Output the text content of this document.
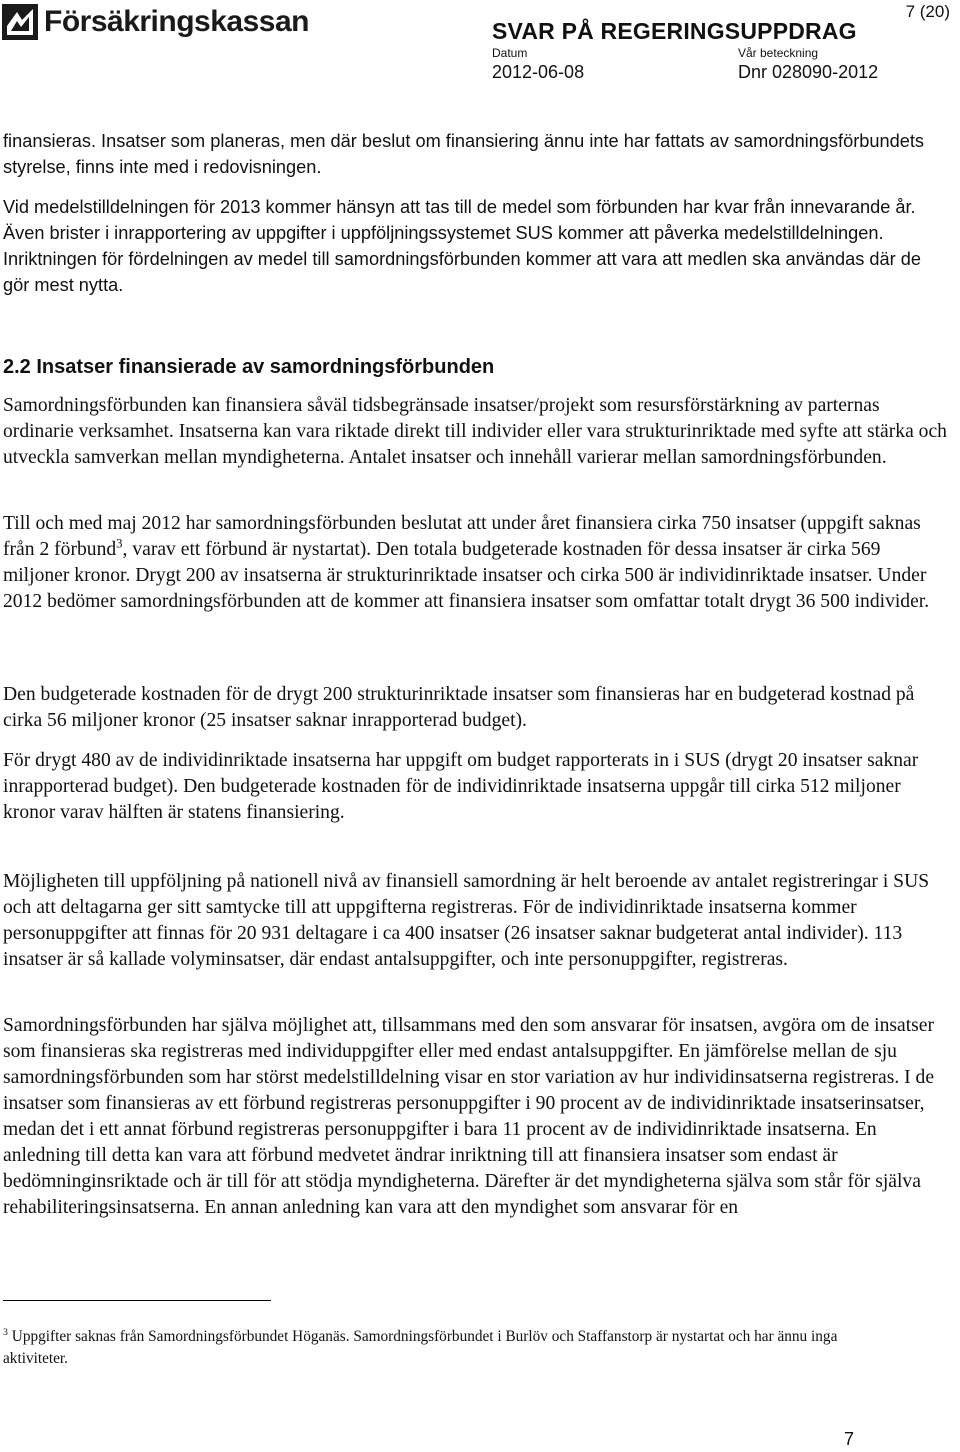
Försäkringskassan	7 (20)
SVAR PÅ REGERINGSUPPDRAG
Datum	Vår beteckning
2012-06-08	Dnr 028090-2012

finansieras. Insatser som planeras, men där beslut om finansiering ännu inte har fattats av samordningsförbundets styrelse, finns inte med i redovisningen.

Vid medelstilldelningen för 2013 kommer hänsyn att tas till de medel som förbunden har kvar från innevarande år. Även brister i inrapportering av uppgifter i uppföljningssystemet SUS kommer att påverka medelstilldelningen. Inriktningen för fördelningen av medel till samordningsförbunden kommer att vara att medlen ska användas där de gör mest nytta.

2.2 Insatser finansierade av samordningsförbunden

Samordningsförbunden kan finansiera såväl tidsbegränsade insatser/projekt som resursförstärkning av parternas ordinarie verksamhet. Insatserna kan vara riktade direkt till individer eller vara strukturinriktade med syfte att stärka och utveckla samverkan mellan myndigheterna. Antalet insatser och innehåll varierar mellan samordningsförbunden.

Till och med maj 2012 har samordningsförbunden beslutat att under året finansiera cirka 750 insatser (uppgift saknas från 2 förbund$^3$, varav ett förbund är nystartat). Den totala budgeterade kostnaden för dessa insatser är cirka 569 miljoner kronor. Drygt 200 av insatserna är strukturinriktade insatser och cirka 500 är individinriktade insatser. Under 2012 bedömer samordningsförbunden att de kommer att finansiera insatser som omfattar totalt drygt 36 500 individer.

Den budgeterade kostnaden för de drygt 200 strukturinriktade insatser som finansieras har en budgeterad kostnad på cirka 56 miljoner kronor (25 insatser saknar inrapporterad budget).

För drygt 480 av de individinriktade insatserna har uppgift om budget rapporterats in i SUS (drygt 20 insatser saknar inrapporterad budget). Den budgeterade kostnaden för de individinriktade insatserna uppgår till cirka 512 miljoner kronor varav hälften är statens finansiering.

Möjligheten till uppföljning på nationell nivå av finansiell samordning är helt beroende av antalet registreringar i SUS och att deltagarna ger sitt samtycke till att uppgifterna registreras. För de individinriktade insatserna kommer personuppgifter att finnas för 20 931 deltagare i ca 400 insatser (26 insatser saknar budgeterat antal individer). 113 insatser är så kallade volyminsatser, där endast antalsuppgifter, och inte personuppgifter, registreras.

Samordningsförbunden har själva möjlighet att, tillsammans med den som ansvarar för insatsen, avgöra om de insatser som finansieras ska registreras med individuppgifter eller med endast antalsuppgifter. En jämförelse mellan de sju samordningsförbunden som har störst medelstilldelning visar en stor variation av hur individinsatserna registreras. I de insatser som finansieras av ett förbund registreras personuppgifter i 90 procent av de individinriktade insatserinsatser, medan det i ett annat förbund registreras personuppgifter i bara 11 procent av de individinriktade insatserna. En anledning till detta kan vara att förbund medvetet ändrar inriktning till att finansiera insatser som endast är bedömninginsriktade och är till för att stödja myndigheterna. Därefter är det myndigheterna själva som står för själva rehabiliteringsinsatserna. En annan anledning kan vara att den myndighet som ansvarar för en

$^3$ Uppgifter saknas från Samordningsförbundet Höganäs. Samordningsförbundet i Burlöv och Staffanstorp är nystartat och har ännu inga aktiviteter.
7
